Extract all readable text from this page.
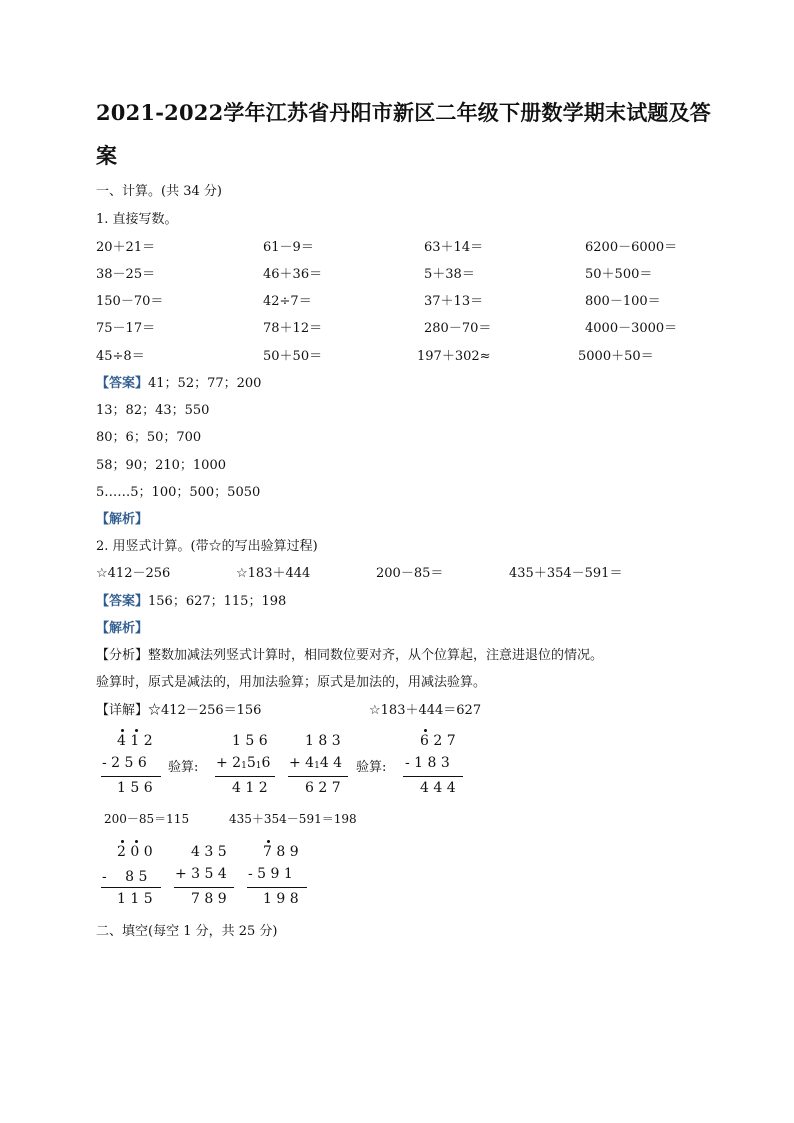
2021-2022学年江苏省丹阳市新区二年级下册数学期末试题及答
案
一、计算。(共 34 分)
1. 直接写数。
20＋21＝	61－9＝	63＋14＝	6200－6000＝
38－25＝	46＋36＝	5＋38＝	50＋500＝
150－70＝	42÷7＝	37＋13＝	800－100＝
75－17＝	78＋12＝	280－70＝	4000－3000＝
45÷8＝	50＋50＝	197＋302≈	5000＋50＝
【答案】41；52；77；200
13；82；43；550
80；6；50；700
58；90；210；1000
5……5；100；500；5050
【解析】
2. 用竖式计算。(带☆的写出验算过程)
☆412－256	☆183＋444	200－85＝	435＋354－591＝
【答案】156；627；115；198
【解析】
【分析】整数加减法列竖式计算时，相同数位要对齐，从个位算起，注意进退位的情况。
验算时，原式是减法的，用加法验算；原式是加法的，用减法验算。
【详解】☆412－256＝156	☆183＋444＝627
4 1 2
- 2 5 6
1 5 6
验算:
1 5 6
+ 21516
4 1 2
1 8 3
+ 414 4
6 2 7
验算:
6 2 7
- 1 8 3
4 4 4
200－85＝115	435＋354－591＝198
2 0 0
- 　8 5
1 1 5
4 3 5
+ 3 5 4
7 8 9
7 8 9
- 5 9 1
1 9 8
二、填空(每空 1 分，共 25 分)
